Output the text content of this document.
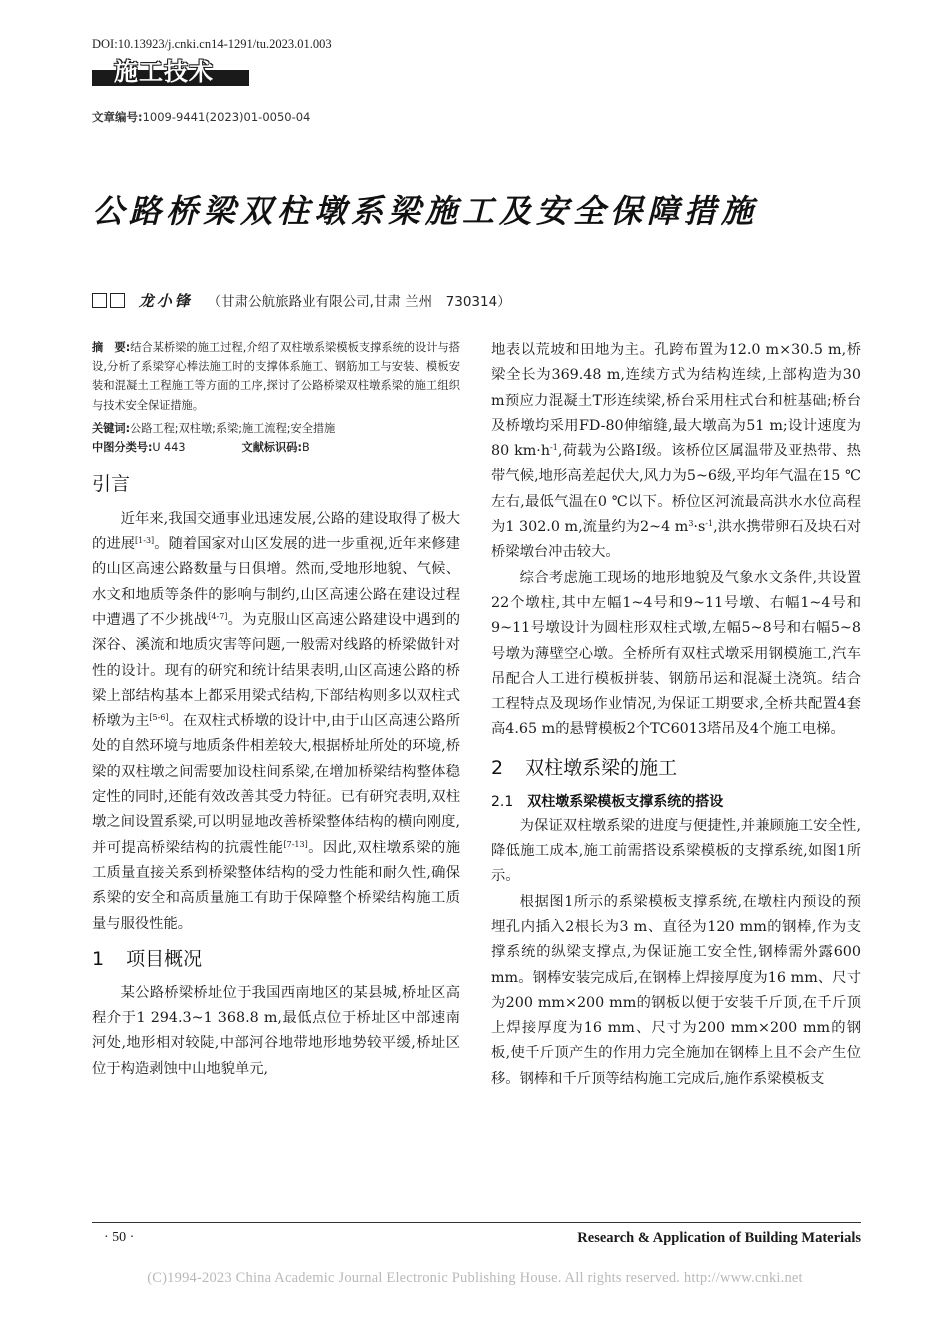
DOI:10.13923/j.cnki.cn14-1291/tu.2023.01.003
施工技术
文章编号:1009-9441(2023)01-0050-04
公路桥梁双柱墩系梁施工及安全保障措施
龙小锋 （甘肃公航旅路业有限公司,甘肃 兰州　730314）
摘　要:结合某桥梁的施工过程,介绍了双柱墩系梁模板支撑系统的设计与搭设,分析了系梁穿心棒法施工时的支撑体系施工、钢筋加工与安装、模板安装和混凝土工程施工等方面的工序,探讨了公路桥梁双柱墩系梁的施工组织与技术安全保证措施。
关键词:公路工程;双柱墩;系梁;施工流程;安全措施
中图分类号:U 443	文献标识码:B
引言

近年来,我国交通事业迅速发展,公路的建设取得了极大的进展[1-3]。随着国家对山区发展的进一步重视,近年来修建的山区高速公路数量与日俱增。然而,受地形地貌、气候、水文和地质等条件的影响与制约,山区高速公路在建设过程中遭遇了不少挑战[4-7]。为克服山区高速公路建设中遇到的深谷、溪流和地质灾害等问题,一般需对线路的桥梁做针对性的设计。现有的研究和统计结果表明,山区高速公路的桥梁上部结构基本上都采用梁式结构,下部结构则多以双柱式桥墩为主[5-6]。在双柱式桥墩的设计中,由于山区高速公路所处的自然环境与地质条件相差较大,根据桥址所处的环境,桥梁的双柱墩之间需要加设柱间系梁,在增加桥梁结构整体稳定性的同时,还能有效改善其受力特征。已有研究表明,双柱墩之间设置系梁,可以明显地改善桥梁整体结构的横向刚度,并可提高桥梁结构的抗震性能[7-13]。因此,双柱墩系梁的施工质量直接关系到桥梁整体结构的受力性能和耐久性,确保系梁的安全和高质量施工有助于保障整个桥梁结构施工质量与服役性能。

1 项目概况

某公路桥梁桥址位于我国西南地区的某县城,桥址区高程介于1 294.3~1 368.8 m,最低点位于桥址区中部速南河处,地形相对较陡,中部河谷地带地形地势较平缓,桥址区位于构造剥蚀中山地貌单元,

地表以荒坡和田地为主。孔跨布置为12.0 m×30.5 m,桥梁全长为369.48 m,连续方式为结构连续,上部构造为30 m预应力混凝土T形连续梁,桥台采用柱式台和桩基础;桥台及桥墩均采用FD-80伸缩缝,最大墩高为51 m;设计速度为80 $km\cdot h^{-1}$,荷载为公路Ⅰ级。该桥位区属温带及亚热带、热带气候,地形高差起伏大,风力为5~6级,平均年气温在15 ℃左右,最低气温在0 ℃以下。桥位区河流最高洪水水位高程为1 302.0 m,流量约为2~4 $m^3\cdot s^{-1}$,洪水携带卵石及块石对桥梁墩台冲击较大。

综合考虑施工现场的地形地貌及气象水文条件,共设置22个墩柱,其中左幅1~4号和9~11号墩、右幅1~4号和9~11号墩设计为圆柱形双柱式墩,左幅5~8号和右幅5~8号墩为薄壁空心墩。全桥所有双柱式墩采用钢模施工,汽车吊配合人工进行模板拼装、钢筋吊运和混凝土浇筑。结合工程特点及现场作业情况,为保证工期要求,全桥共配置4套高4.65 m的悬臂模板2个TC6013塔吊及4个施工电梯。

2 双柱墩系梁的施工
2.1 双柱墩系梁模板支撑系统的搭设

为保证双柱墩系梁的进度与便捷性,并兼顾施工安全性,降低施工成本,施工前需搭设系梁模板的支撑系统,如图1所示。

根据图1所示的系梁模板支撑系统,在墩柱内预设的预埋孔内插入2根长为3 m、直径为120 mm的钢棒,作为支撑系统的纵梁支撑点,为保证施工安全性,钢棒需外露600 mm。钢棒安装完成后,在钢棒上焊接厚度为16 mm、尺寸为200 mm×200 mm的钢板以便于安装千斤顶,在千斤顶上焊接厚度为16 mm、尺寸为200 mm×200 mm的钢板,使千斤顶产生的作用力完全施加在钢棒上且不会产生位移。钢棒和千斤顶等结构施工完成后,施作系梁模板支

· 50 ·	Research & Application of Building Materials
(C)1994-2023 China Academic Journal Electronic Publishing House. All rights reserved. http://www.cnki.net
